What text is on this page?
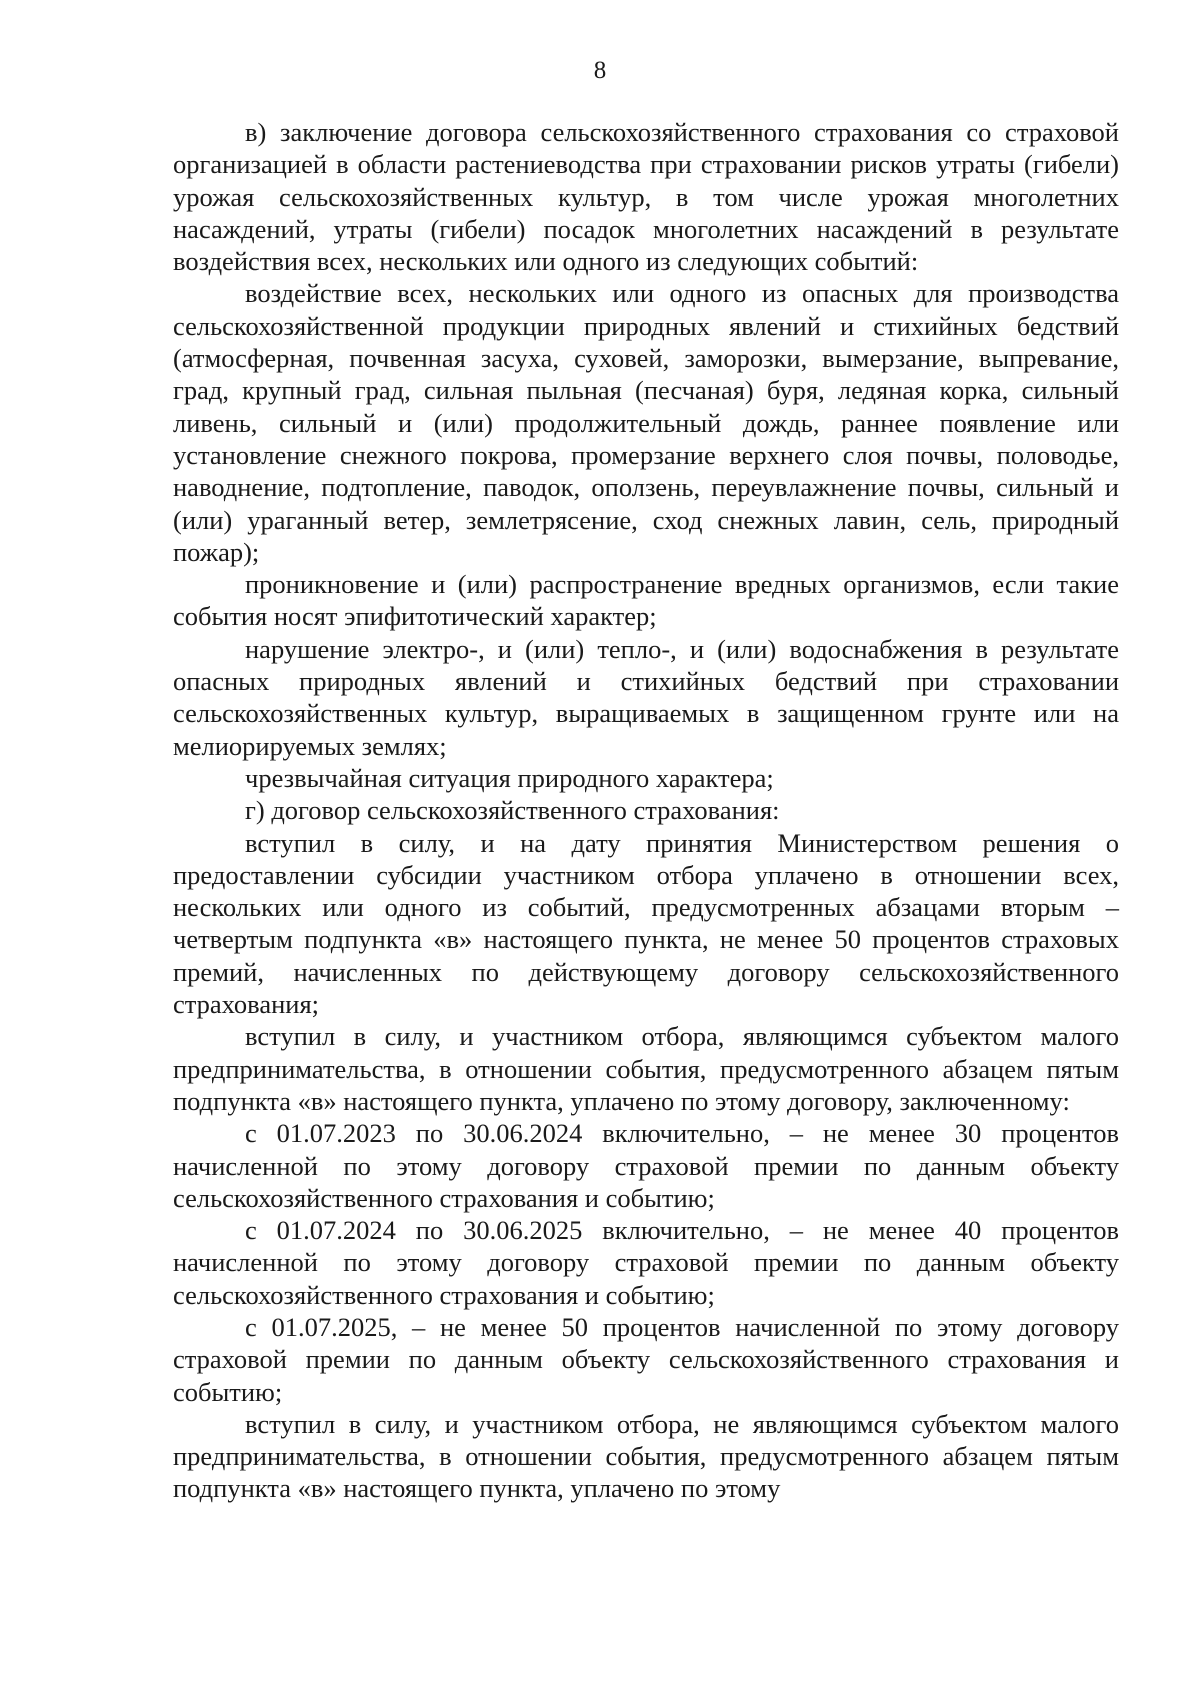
8

в) заключение договора сельскохозяйственного страхования со страховой организацией в области растениеводства при страховании рисков утраты (гибели) урожая сельскохозяйственных культур, в том числе урожая многолетних насаждений, утраты (гибели) посадок многолетних насаждений в результате воздействия всех, нескольких или одного из следующих событий:

воздействие всех, нескольких или одного из опасных для производства сельскохозяйственной продукции природных явлений и стихийных бедствий (атмосферная, почвенная засуха, суховей, заморозки, вымерзание, выпревание, град, крупный град, сильная пыльная (песчаная) буря, ледяная корка, сильный ливень, сильный и (или) продолжительный дождь, раннее появление или установление снежного покрова, промерзание верхнего слоя почвы, половодье, наводнение, подтопление, паводок, оползень, переувлажнение почвы, сильный и (или) ураганный ветер, землетрясение, сход снежных лавин, сель, природный пожар);

проникновение и (или) распространение вредных организмов, если такие события носят эпифитотический характер;

нарушение электро-, и (или) тепло-, и (или) водоснабжения в результате опасных природных явлений и стихийных бедствий при страховании сельскохозяйственных культур, выращиваемых в защищенном грунте или на мелиорируемых землях;

чрезвычайная ситуация природного характера;

г) договор сельскохозяйственного страхования:

вступил в силу, и на дату принятия Министерством решения о предоставлении субсидии участником отбора уплачено в отношении всех, нескольких или одного из событий, предусмотренных абзацами вторым – четвертым подпункта «в» настоящего пункта, не менее 50 процентов страховых премий, начисленных по действующему договору сельскохозяйственного страхования;

вступил в силу, и участником отбора, являющимся субъектом малого предпринимательства, в отношении события, предусмотренного абзацем пятым подпункта «в» настоящего пункта, уплачено по этому договору, заключенному:

с 01.07.2023 по 30.06.2024 включительно, – не менее 30 процентов начисленной по этому договору страховой премии по данным объекту сельскохозяйственного страхования и событию;

с 01.07.2024 по 30.06.2025 включительно, – не менее 40 процентов начисленной по этому договору страховой премии по данным объекту сельскохозяйственного страхования и событию;

с 01.07.2025, – не менее 50 процентов начисленной по этому договору страховой премии по данным объекту сельскохозяйственного страхования и событию;

вступил в силу, и участником отбора, не являющимся субъектом малого предпринимательства, в отношении события, предусмотренного абзацем пятым подпункта «в» настоящего пункта, уплачено по этому
